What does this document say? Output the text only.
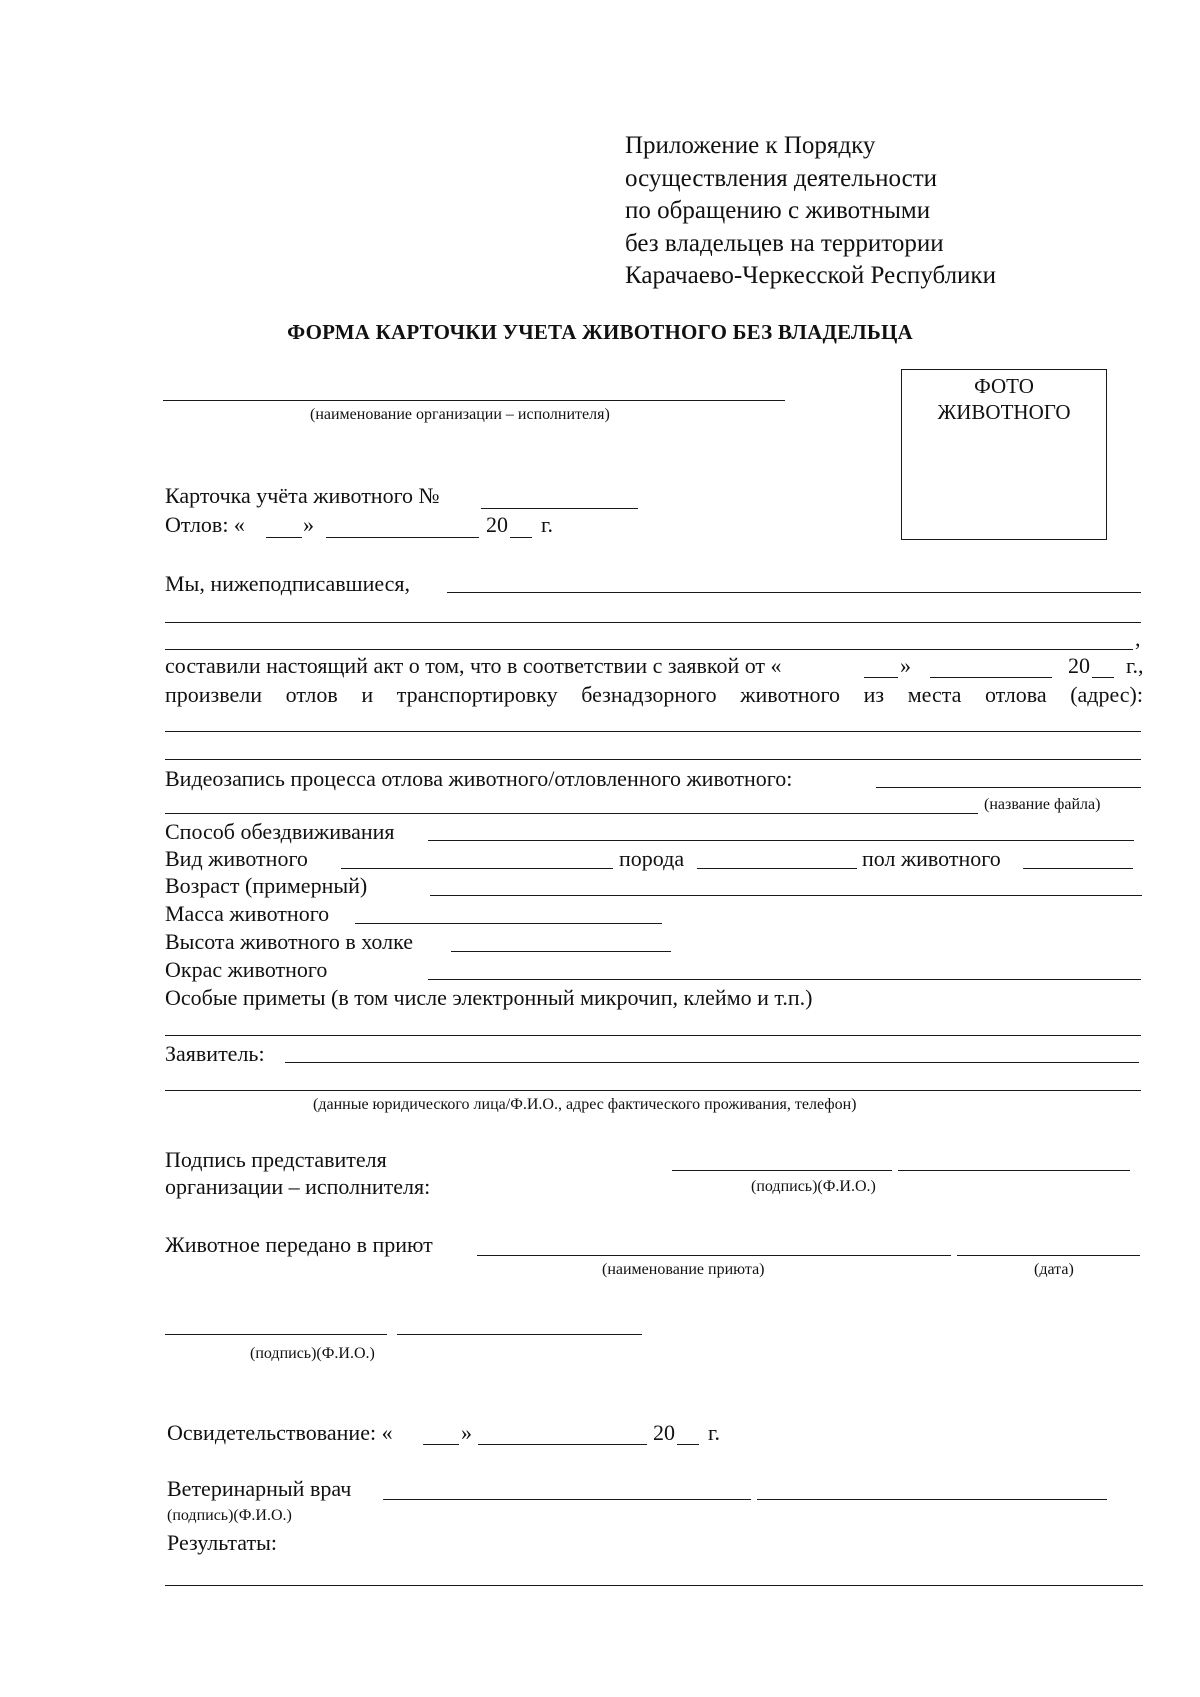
Приложение к Порядку
осуществления деятельности
по обращению с животными
без владельцев на территории
Карачаево-Черкесской Республики
ФОРМА КАРТОЧКИ УЧЕТА ЖИВОТНОГО БЕЗ ВЛАДЕЛЬЦА
(наименование организации – исполнителя)
ФОТО
ЖИВОТНОГО
Карточка учёта животного №
Отлов: «	»	20 г.
Мы, нижеподписавшиеся,
,
составили настоящий акт о том, что в соответствии с заявкой от «	»	20 г.,
произвели отлов и транспортировку безнадзорного животного из места отлова (адрес):
Видеозапись процесса отлова животного/отловленного животного:
(название файла)
Способ обездвиживания
Вид животного	порода	пол животного
Возраст (примерный)
Масса животного
Высота животного в холке
Окрас животного
Особые приметы (в том числе электронный микрочип, клеймо и т.п.)
Заявитель:
(данные юридического лица/Ф.И.О., адрес фактического проживания, телефон)
Подпись представителя
организации – исполнителя:	(подпись)(Ф.И.О.)
Животное передано в приют
(наименование приюта)	(дата)
(подпись)(Ф.И.О.)
Освидетельствование: «	»	20 г.
Ветеринарный врач
(подпись)(Ф.И.О.)
Результаты:
